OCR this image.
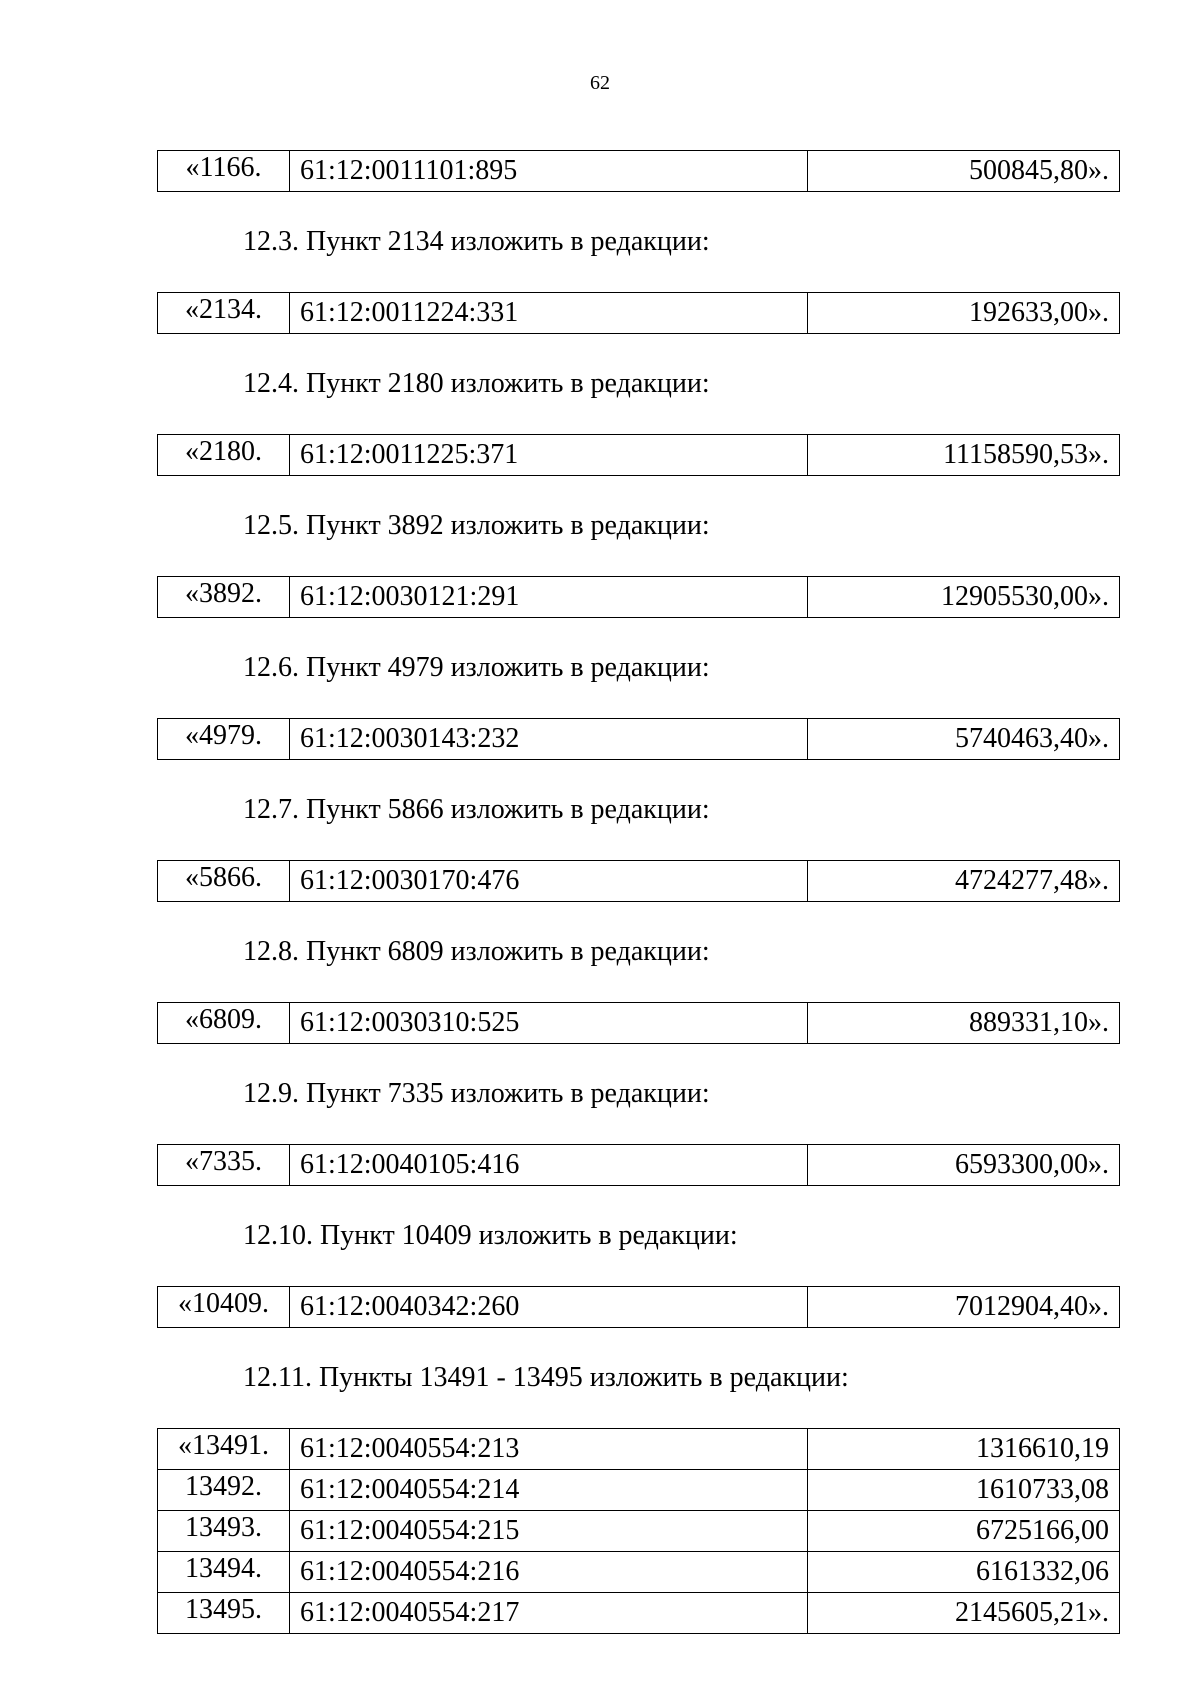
62
«1166.	61:12:0011101:895	500845,80».
12.3. Пункт 2134 изложить в редакции:
«2134.	61:12:0011224:331	192633,00».
12.4. Пункт 2180 изложить в редакции:
«2180.	61:12:0011225:371	11158590,53».
12.5. Пункт 3892 изложить в редакции:
«3892.	61:12:0030121:291	12905530,00».
12.6. Пункт 4979 изложить в редакции:
«4979.	61:12:0030143:232	5740463,40».
12.7. Пункт 5866 изложить в редакции:
«5866.	61:12:0030170:476	4724277,48».
12.8. Пункт 6809 изложить в редакции:
«6809.	61:12:0030310:525	889331,10».
12.9. Пункт 7335 изложить в редакции:
«7335.	61:12:0040105:416	6593300,00».
12.10. Пункт 10409 изложить в редакции:
«10409.	61:12:0040342:260	7012904,40».
12.11. Пункты 13491 - 13495 изложить в редакции:
«13491.	61:12:0040554:213	1316610,19
13492.	61:12:0040554:214	1610733,08
13493.	61:12:0040554:215	6725166,00
13494.	61:12:0040554:216	6161332,06
13495.	61:12:0040554:217	2145605,21».
